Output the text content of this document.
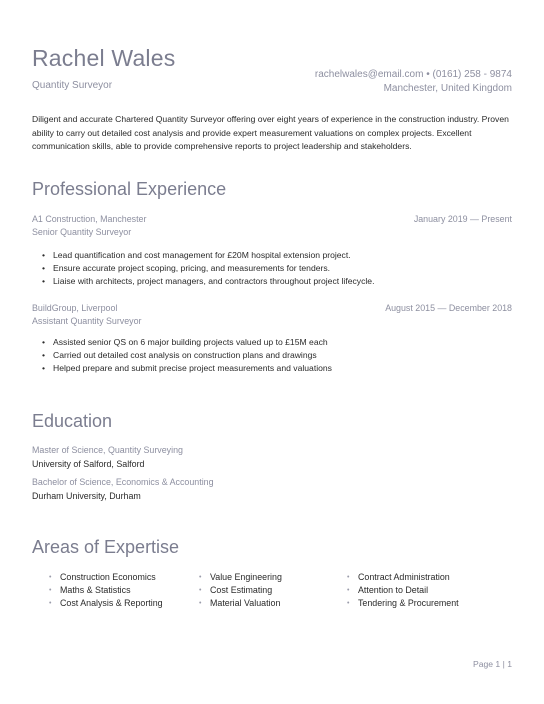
Rachel Wales
Quantity Surveyor
rachelwales@email.com • (0161) 258 - 9874
Manchester, United Kingdom

Diligent and accurate Chartered Quantity Surveyor offering over eight years of experience in the construction industry. Proven ability to carry out detailed cost analysis and provide expert measurement valuations on complex projects. Excellent communication skills, able to provide comprehensive reports to project leadership and stakeholders.

Professional Experience
A1 Construction, Manchester
Senior Quantity Surveyor
January 2019 — Present
• Lead quantification and cost management for £20M hospital extension project.
• Ensure accurate project scoping, pricing, and measurements for tenders.
• Liaise with architects, project managers, and contractors throughout project lifecycle.
BuildGroup, Liverpool
Assistant Quantity Surveyor
August 2015 — December 2018
• Assisted senior QS on 6 major building projects valued up to £15M each
• Carried out detailed cost analysis on construction plans and drawings
• Helped prepare and submit precise project measurements and valuations
Education
Master of Science, Quantity Surveying
University of Salford, Salford
Bachelor of Science, Economics & Accounting
Durham University, Durham
Areas of Expertise
• Construction Economics	• Value Engineering	• Contract Administration
• Maths & Statistics	• Cost Estimating	• Attention to Detail
• Cost Analysis & Reporting	• Material Valuation	• Tendering & Procurement
Page 1 | 1
